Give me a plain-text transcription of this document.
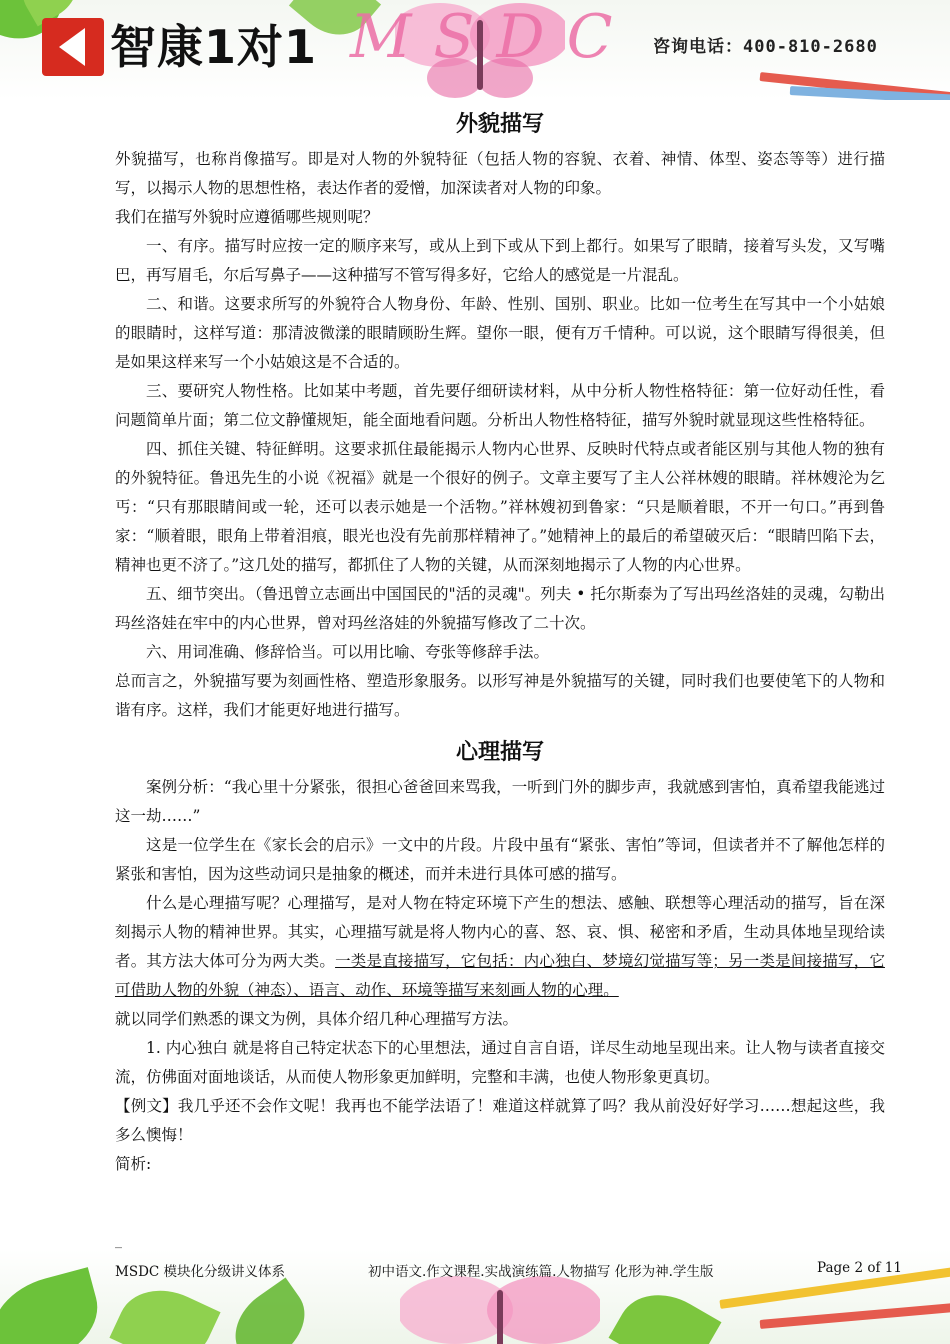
智康1对1 MSDC 咨询电话：400-810-2680
外貌描写

外貌描写，也称肖像描写。即是对人物的外貌特征（包括人物的容貌、衣着、神情、体型、姿态等等）进行描写，以揭示人物的思想性格，表达作者的爱憎，加深读者对人物的印象。

我们在描写外貌时应遵循哪些规则呢？

一、有序。描写时应按一定的顺序来写，或从上到下或从下到上都行。如果写了眼睛，接着写头发，又写嘴巴，再写眉毛，尔后写鼻子——这种描写不管写得多好，它给人的感觉是一片混乱。

二、和谐。这要求所写的外貌符合人物身份、年龄、性别、国别、职业。比如一位考生在写其中一个小姑娘的眼睛时，这样写道：那清波微漾的眼睛顾盼生辉。望你一眼，便有万千情种。可以说，这个眼睛写得很美，但是如果这样来写一个小姑娘这是不合适的。

三、要研究人物性格。比如某中考题，首先要仔细研读材料，从中分析人物性格特征：第一位好动任性，看问题简单片面；第二位文静懂规矩，能全面地看问题。分析出人物性格特征，描写外貌时就显现这些性格特征。

四、抓住关键、特征鲜明。这要求抓住最能揭示人物内心世界、反映时代特点或者能区别与其他人物的独有的外貌特征。鲁迅先生的小说《祝福》就是一个很好的例子。文章主要写了主人公祥林嫂的眼睛。祥林嫂沦为乞丐：“只有那眼睛间或一轮，还可以表示她是一个活物。”祥林嫂初到鲁家：“只是顺着眼，不开一句口。”再到鲁家：“顺着眼，眼角上带着泪痕，眼光也没有先前那样精神了。”她精神上的最后的希望破灭后：“眼睛凹陷下去，精神也更不济了。”这几处的描写，都抓住了人物的关键，从而深刻地揭示了人物的内心世界。

五、细节突出。（鲁迅曾立志画出中国国民的"活的灵魂"。列夫 • 托尔斯泰为了写出玛丝洛娃的灵魂，勾勒出玛丝洛娃在牢中的内心世界，曾对玛丝洛娃的外貌描写修改了二十次。

六、用词准确、修辞恰当。可以用比喻、夸张等修辞手法。

总而言之，外貌描写要为刻画性格、塑造形象服务。以形写神是外貌描写的关键，同时我们也要使笔下的人物和谐有序。这样，我们才能更好地进行描写。

心理描写

案例分析：“我心里十分紧张，很担心爸爸回来骂我，一听到门外的脚步声，我就感到害怕，真希望我能逃过这一劫……”

这是一位学生在《家长会的启示》一文中的片段。片段中虽有“紧张、害怕”等词，但读者并不了解他怎样的紧张和害怕，因为这些动词只是抽象的概述，而并未进行具体可感的描写。

什么是心理描写呢？心理描写，是对人物在特定环境下产生的想法、感触、联想等心理活动的描写，旨在深刻揭示人物的精神世界。其实，心理描写就是将人物内心的喜、怒、哀、惧、秘密和矛盾，生动具体地呈现给读者。其方法大体可分为两大类。一类是直接描写，它包括：内心独白、梦境幻觉描写等；另一类是间接描写，它可借助人物的外貌（神态）、语言、动作、环境等描写来刻画人物的心理。

就以同学们熟悉的课文为例，具体介绍几种心理描写方法。

1. 内心独白 就是将自己特定状态下的心里想法，通过自言自语，详尽生动地呈现出来。让人物与读者直接交流，仿佛面对面地谈话，从而使人物形象更加鲜明，完整和丰满，也使人物形象更真切。

【例文】我几乎还不会作文呢！我再也不能学法语了！难道这样就算了吗？我从前没好好学习……想起这些，我多么懊悔！

简析:

_
MSDC 模块化分级讲义体系	初中语文.作文课程.实战演练篇.人物描写 化形为神.学生版	Page 2 of 11
